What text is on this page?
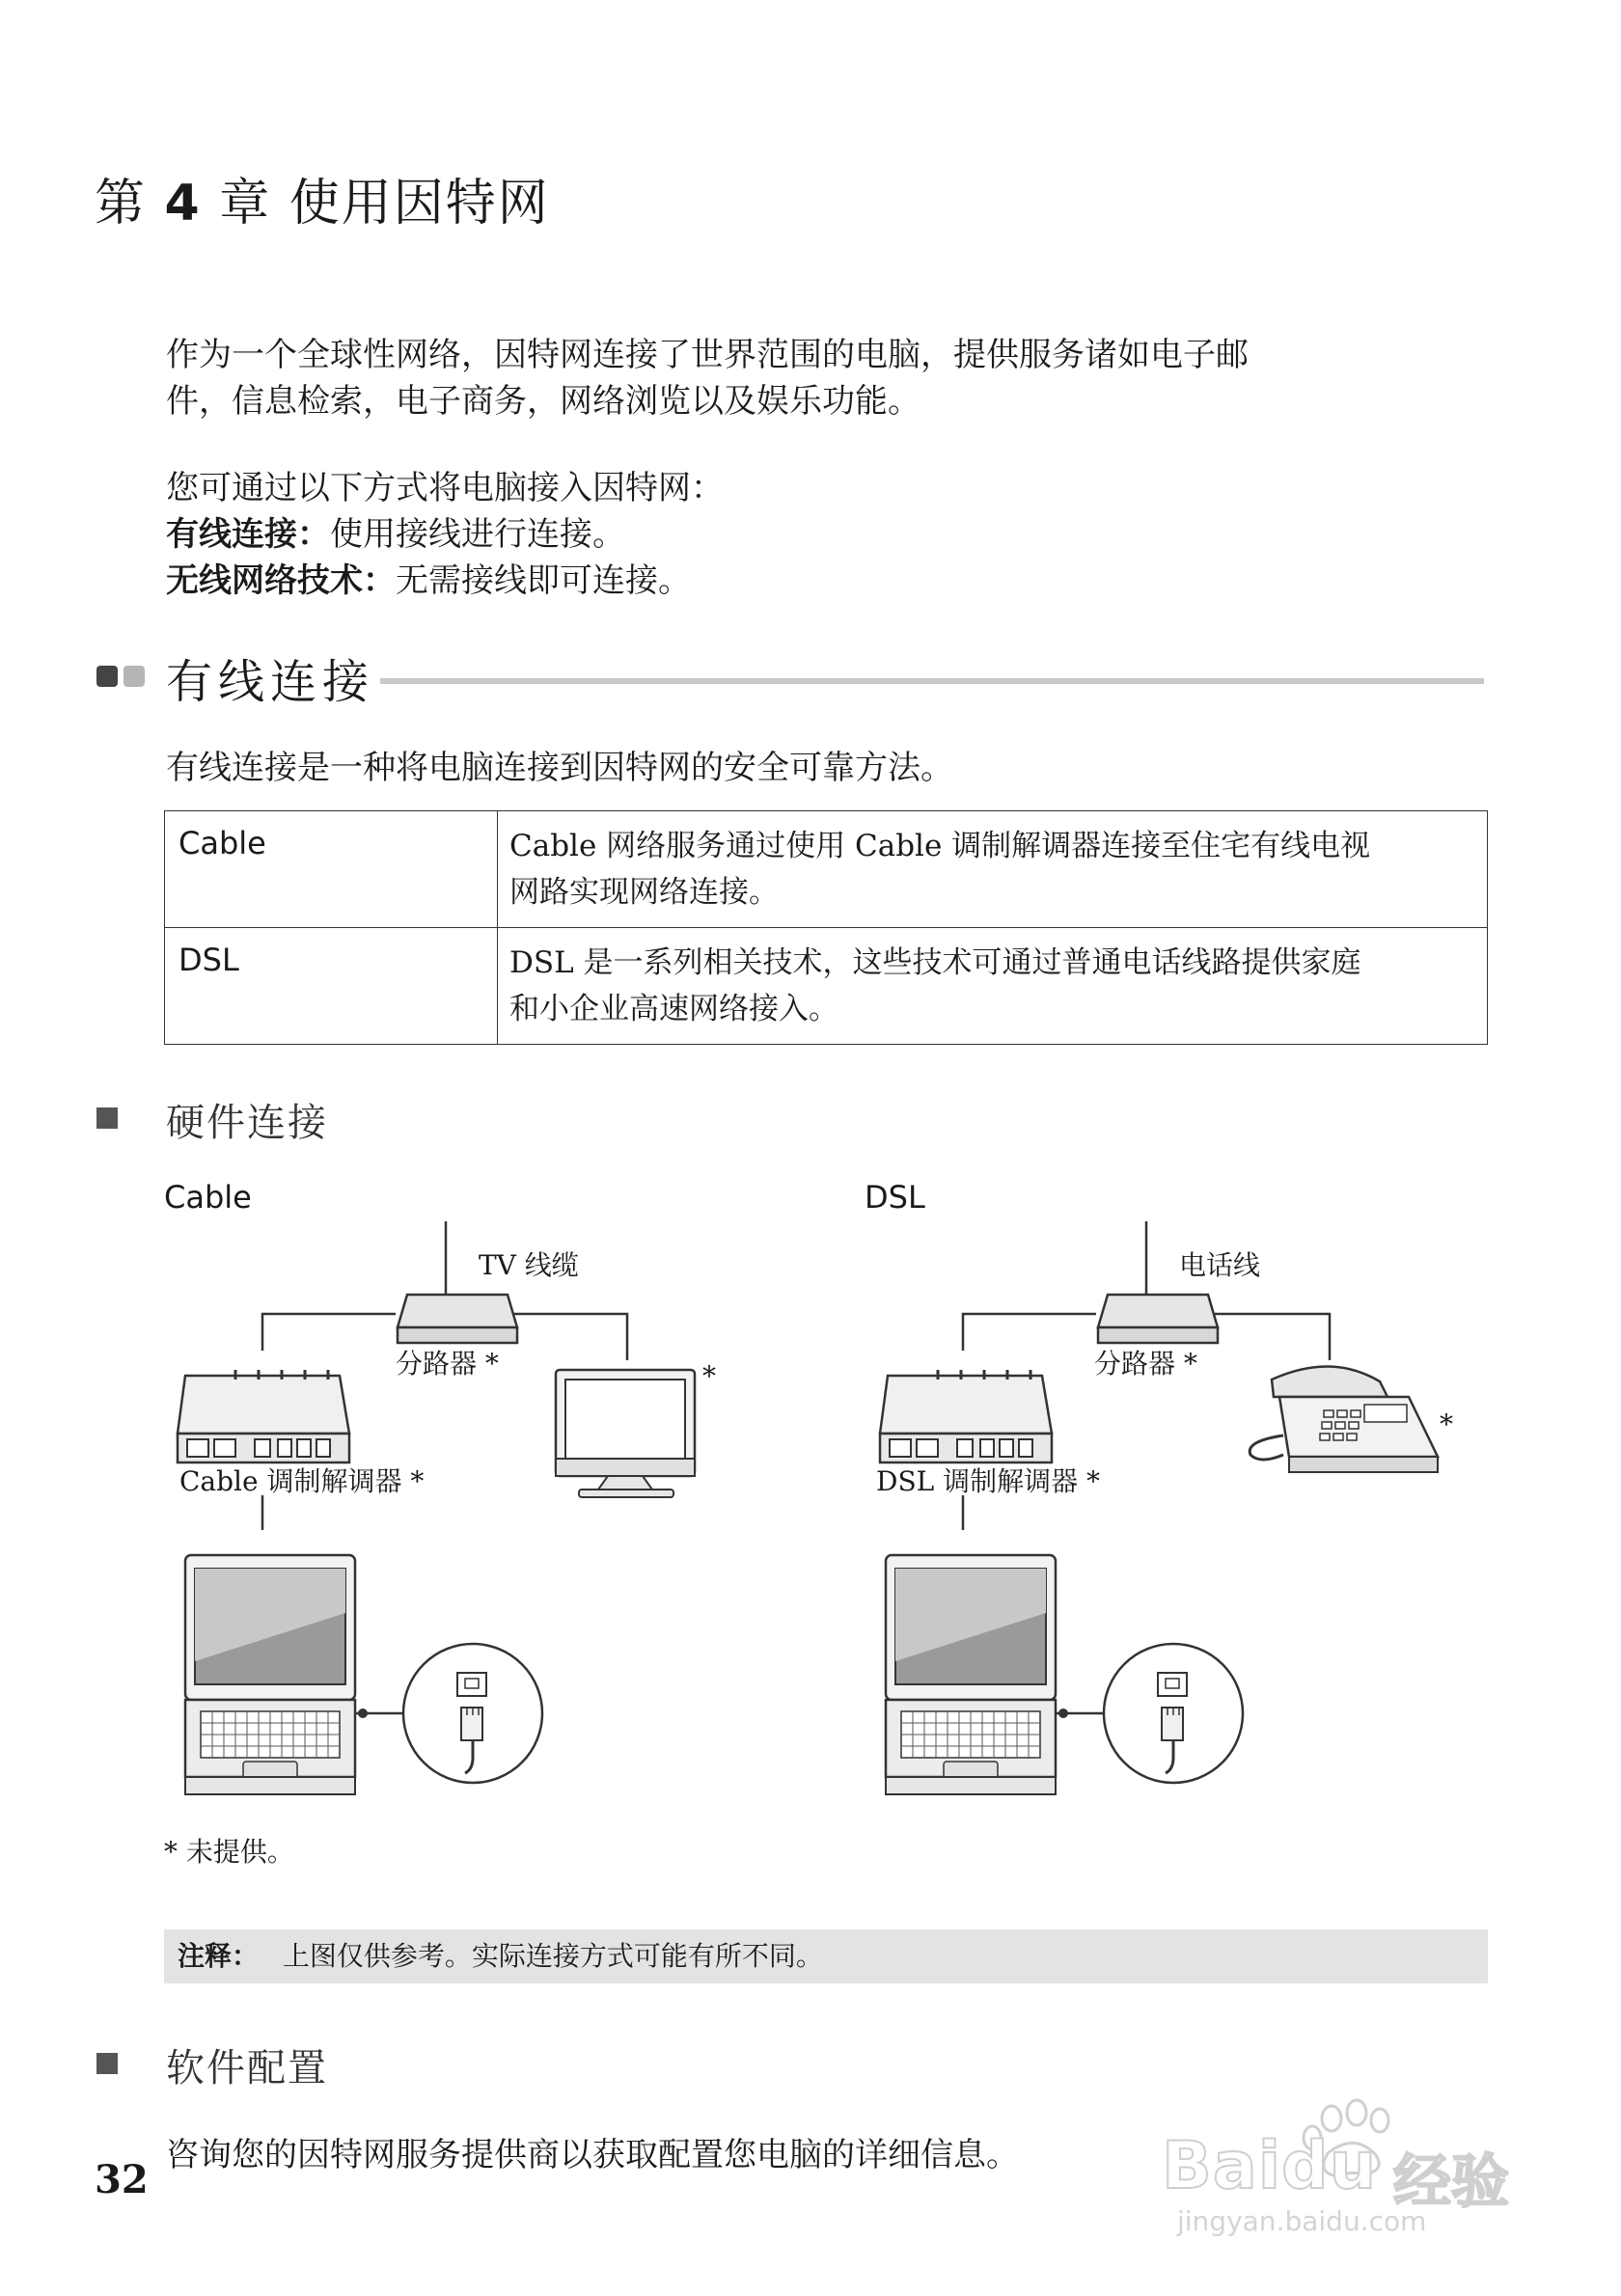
第 4 章 使用因特网
作为一个全球性网络，因特网连接了世界范围的电脑，提供服务诸如电子邮
件，信息检索，电子商务，网络浏览以及娱乐功能。
您可通过以下方式将电脑接入因特网：
有线连接：使用接线进行连接。
无线网络技术：无需接线即可连接。
有线连接
有线连接是一种将电脑连接到因特网的安全可靠方法。
Cable	Cable 网络服务通过使用 Cable 调制解调器连接至住宅有线电视
网路实现网络连接。

DSL	DSL 是一系列相关技术，这些技术可通过普通电话线路提供家庭
和小企业高速网络接入。
硬件连接
Cable	DSL
TV 线缆
分路器 *
Cable 调制解调器 *
*
电话线
分路器 *
DSL 调制解调器 *
*
* 未提供。
注释： 上图仅供参考。实际连接方式可能有所不同。
软件配置
咨询您的因特网服务提供商以获取配置您电脑的详细信息。
32	Baidu 经验
jingyan.baidu.com
